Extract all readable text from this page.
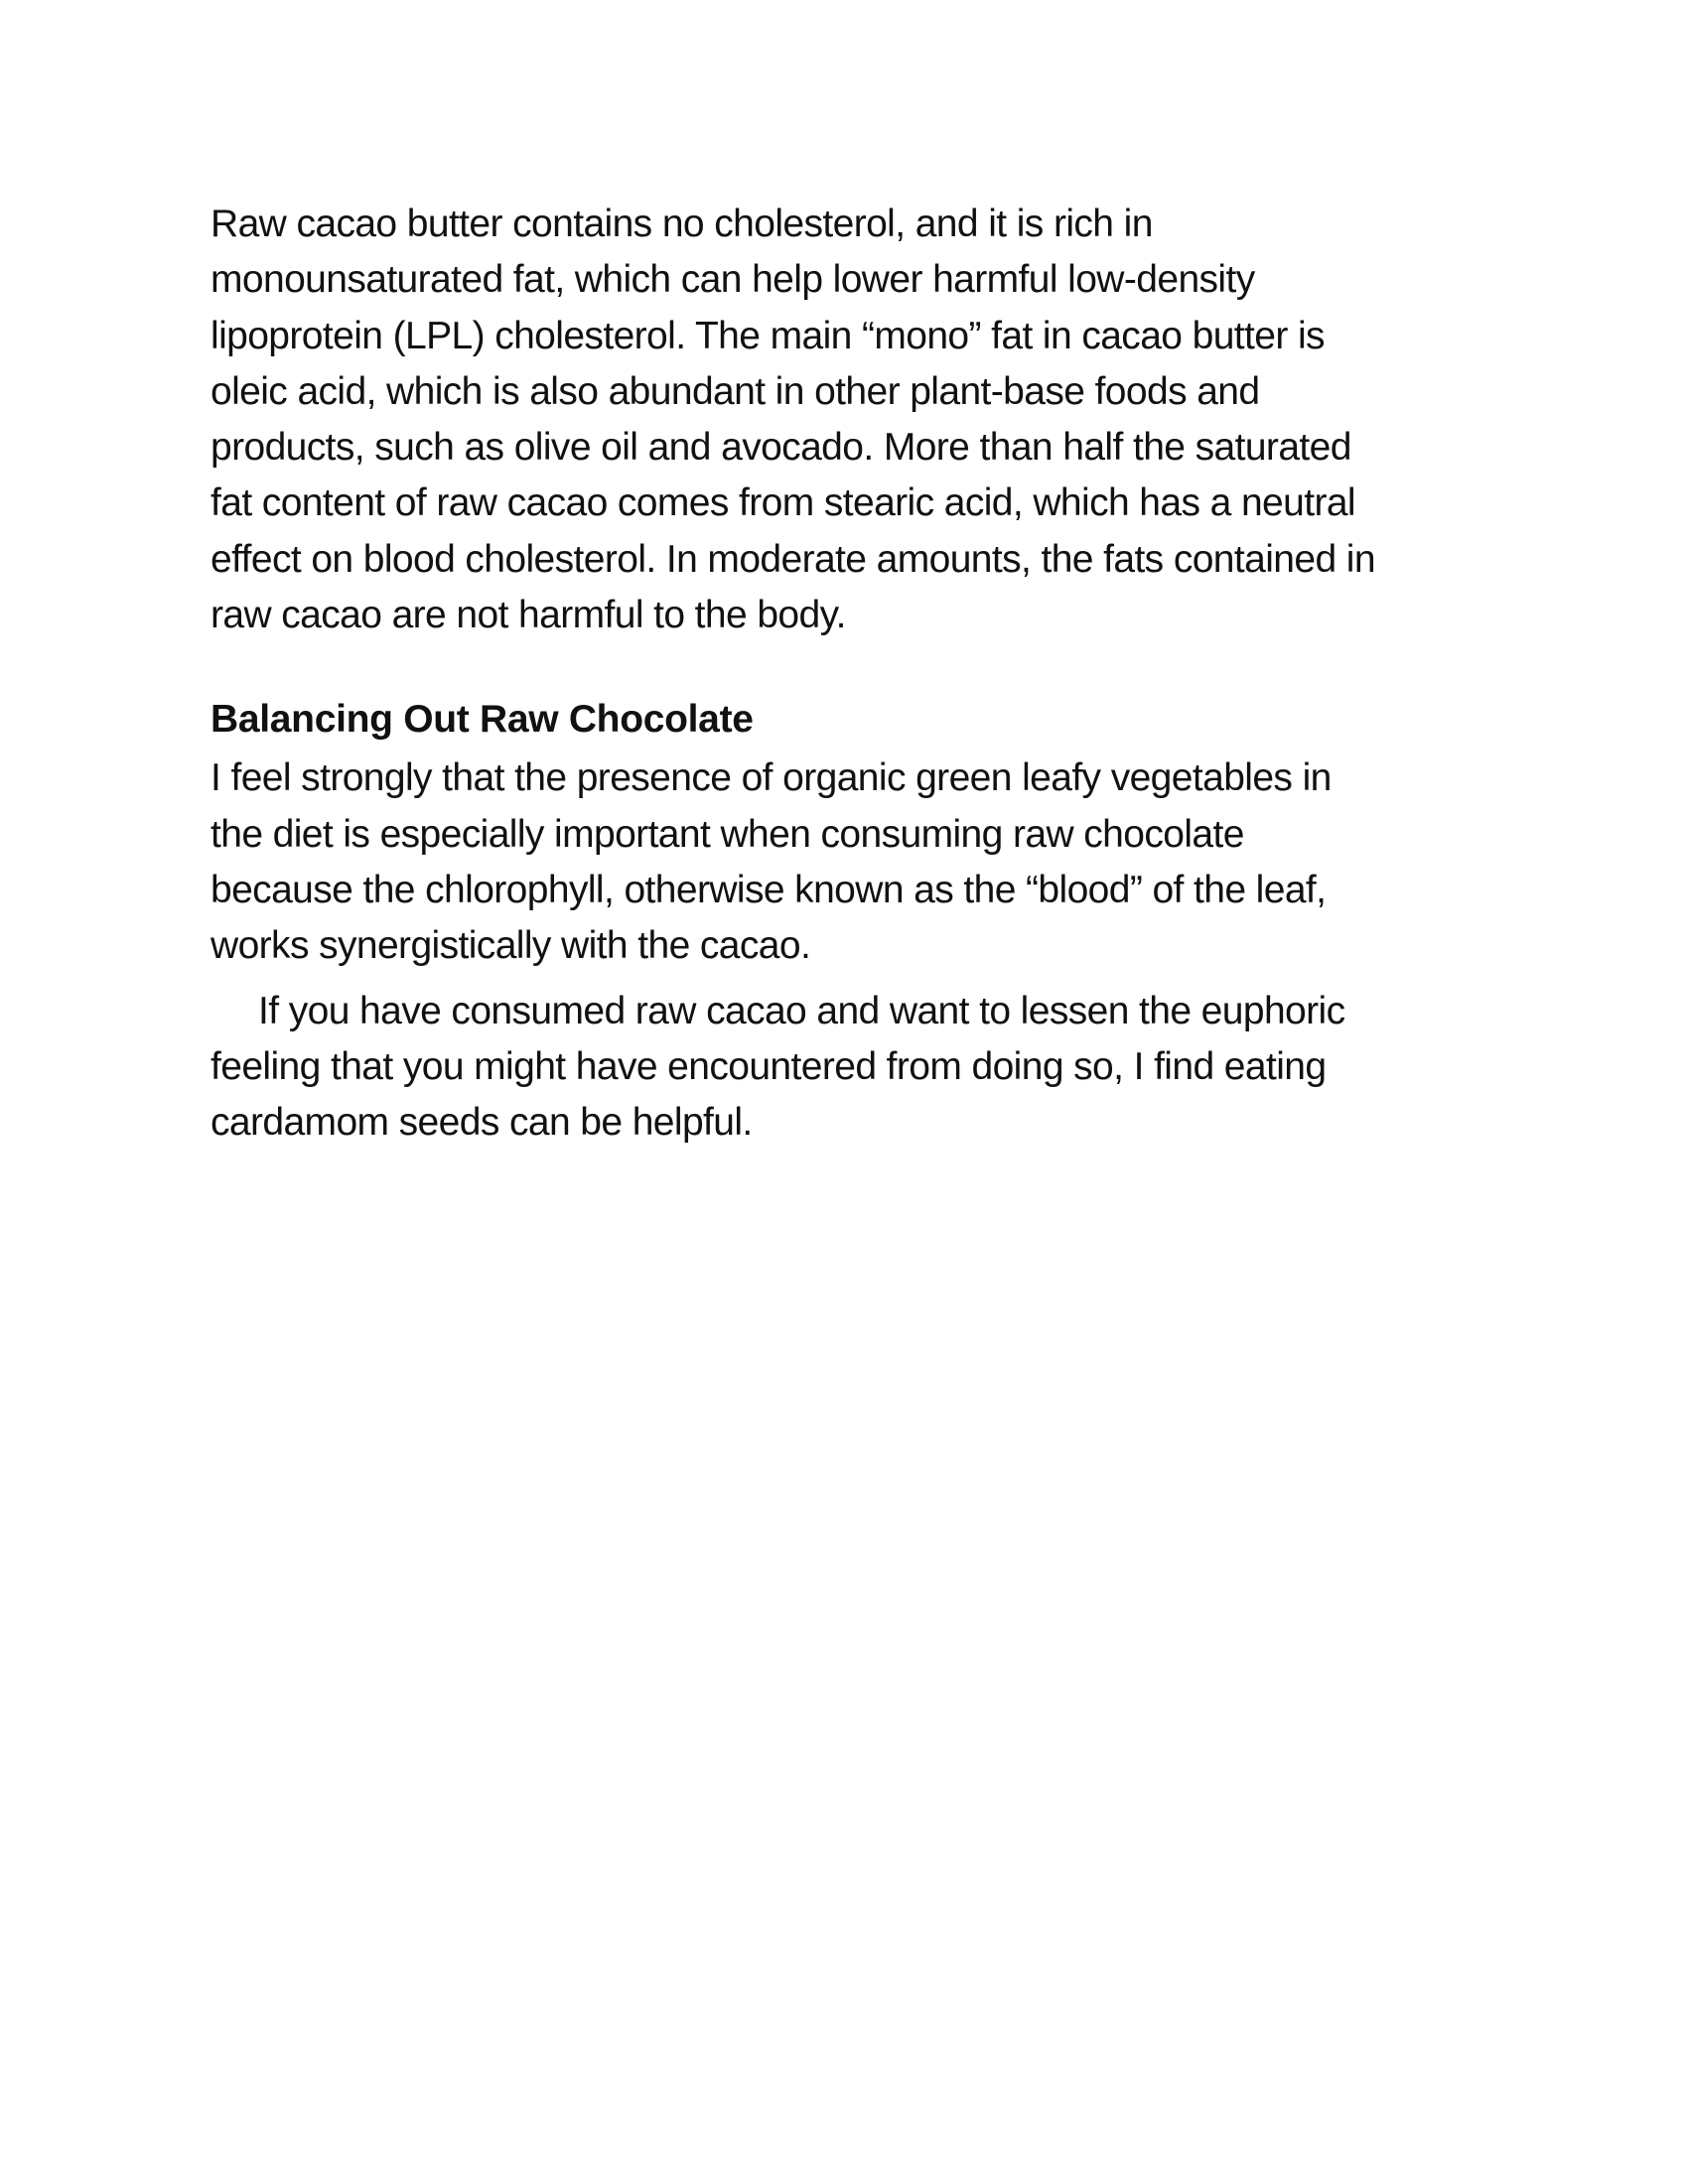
Raw cacao butter contains no cholesterol, and it is rich in
monounsaturated fat, which can help lower harmful low-density
lipoprotein (LPL) cholesterol. The main “mono” fat in cacao butter is
oleic acid, which is also abundant in other plant-base foods and
products, such as olive oil and avocado. More than half the saturated
fat content of raw cacao comes from stearic acid, which has a neutral
effect on blood cholesterol. In moderate amounts, the fats contained in
raw cacao are not harmful to the body.

Balancing Out Raw Chocolate

I feel strongly that the presence of organic green leafy vegetables in
the diet is especially important when consuming raw chocolate
because the chlorophyll, otherwise known as the “blood” of the leaf,
works synergistically with the cacao.

If you have consumed raw cacao and want to lessen the euphoric
feeling that you might have encountered from doing so, I find eating
cardamom seeds can be helpful.
